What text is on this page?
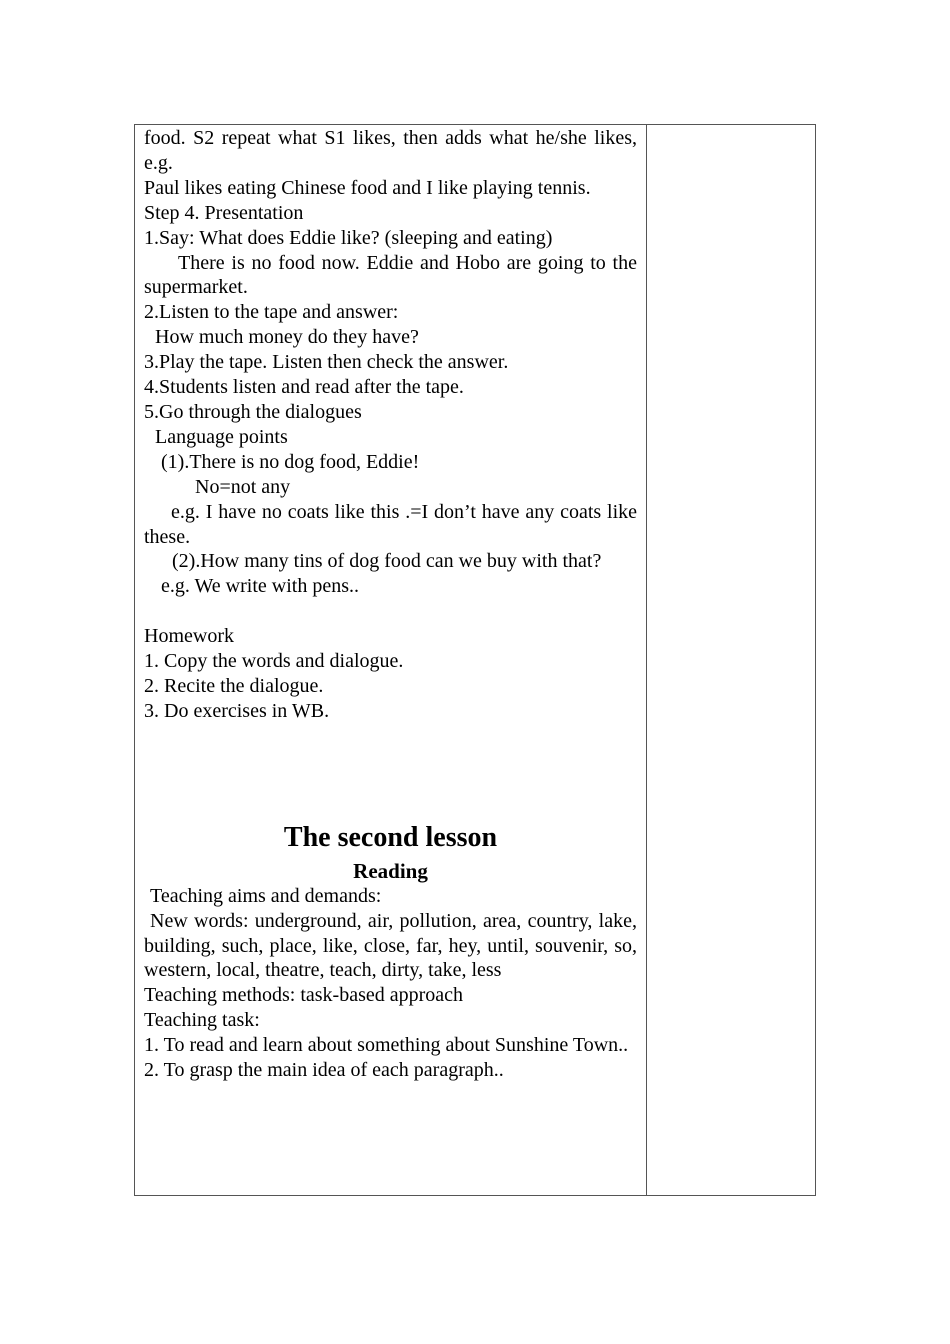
food. S2 repeat what S1 likes, then adds what he/she likes, e.g.

Paul likes eating Chinese food and I like playing tennis.

Step 4. Presentation

1.Say: What does Eddie like? (sleeping and eating)

There is no food now. Eddie and Hobo are going to the supermarket.

2.Listen to the tape and answer:

How much money do they have?

3.Play the tape. Listen then check the answer.

4.Students listen and read after the tape.

5.Go through the dialogues

Language points

(1).There is no dog food, Eddie!

No=not any

e.g. I have no coats like this .=I don’t have any coats like these.

(2).How many tins of dog food can we buy with that?

e.g. We write with pens..

Homework

1. Copy the words and dialogue.

2. Recite the dialogue.

3. Do exercises in WB.

The second lesson
Reading

Teaching aims and demands:

New words: underground, air, pollution, area, country, lake, building, such, place, like, close, far, hey, until, souvenir, so, western, local, theatre, teach, dirty, take, less

Teaching methods: task-based approach

Teaching task:

1. To read and learn about something about Sunshine Town..

2. To grasp the main idea of each paragraph..
